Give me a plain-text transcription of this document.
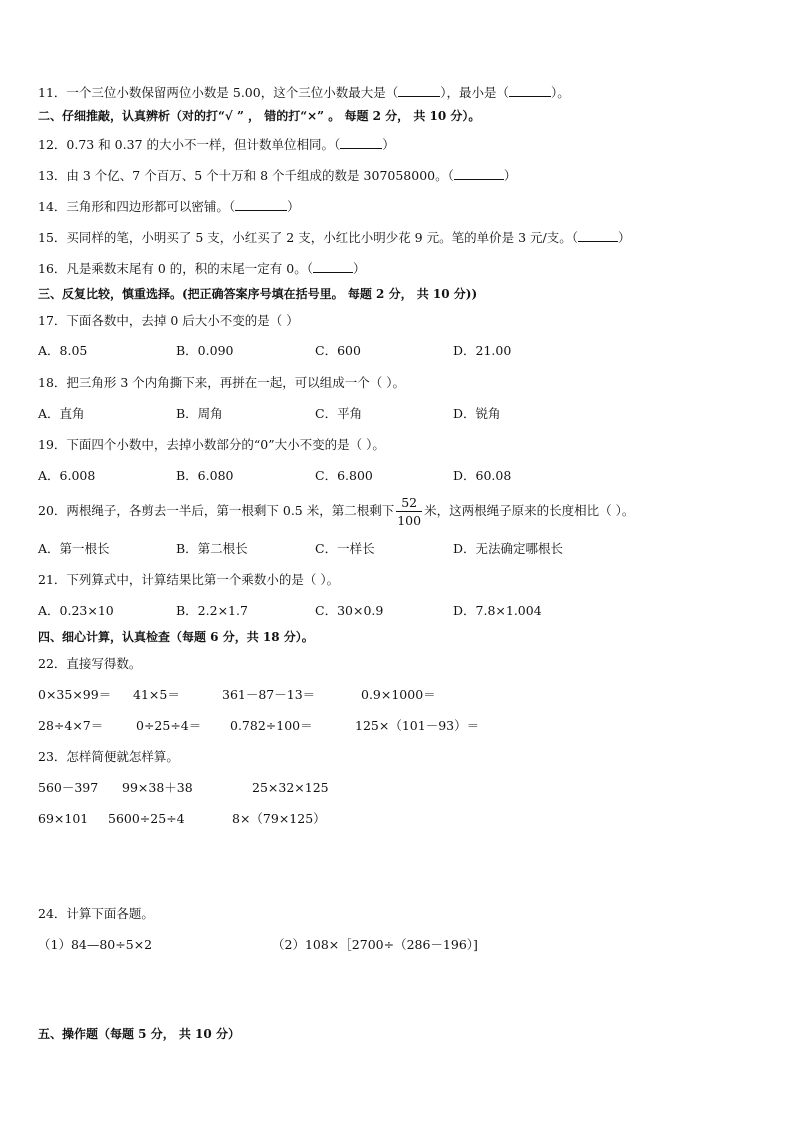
11．一个三位小数保留两位小数是 5.00，这个三位小数最大是（	），最小是（	）。
二、仔细推敲，认真辨析（对的打“√ ” ， 错的打“×” 。 每题 2 分， 共 10 分）。
12．0.73 和 0.37 的大小不一样，但计数单位相同。（	）
13．由 3 个亿、7 个百万、5 个十万和 8 个千组成的数是 307058000。（	）
14．三角形和四边形都可以密铺。（	）
15．买同样的笔，小明买了 5 支，小红买了 2 支，小红比小明少花 9 元。笔的单价是 3 元/支。（	）
16．凡是乘数末尾有 0 的，积的末尾一定有 0。（	）
三、反复比较，慎重选择。(把正确答案序号填在括号里。 每题 2 分， 共 10 分))
17．下面各数中，去掉 0 后大小不变的是（ ）
A．8.05	B．0.090	C．600	D．21.00
18．把三角形 3 个内角撕下来，再拼在一起，可以组成一个（ ）。
A．直角	B．周角	C．平角	D．锐角
19．下面四个小数中，去掉小数部分的“0”大小不变的是（ ）。
A．6.008	B．6.080	C．6.800	D．60.08
20．两根绳子，各剪去一半后，第一根剩下 0.5 米，第二根剩下 $\frac{52}{100}$ 米，这两根绳子原来的长度相比（ ）。
A．第一根长	B．第二根长	C．一样长	D．无法确定哪根长
21．下列算式中，计算结果比第一个乘数小的是（ ）。
A．0.23×10	B．2.2×1.7	C．30×0.9	D．7.8×1.004
四、细心计算，认真检查（每题 6 分，共 18 分）。
22．直接写得数。
0×35×99＝ 41×5＝	361－87－13＝	0.9×1000＝
28÷4×7＝	0÷25÷4＝ 0.782÷100＝	125×（101－93）＝
23．怎样简便就怎样算。
560－397 99×38＋38	25×32×125
69×101 5600÷25÷4	8×（79×125）
24．计算下面各题。
（1）84—80÷5×2	（2）108×［2700÷（286－196）]
五、操作题（每题 5 分， 共 10 分）
